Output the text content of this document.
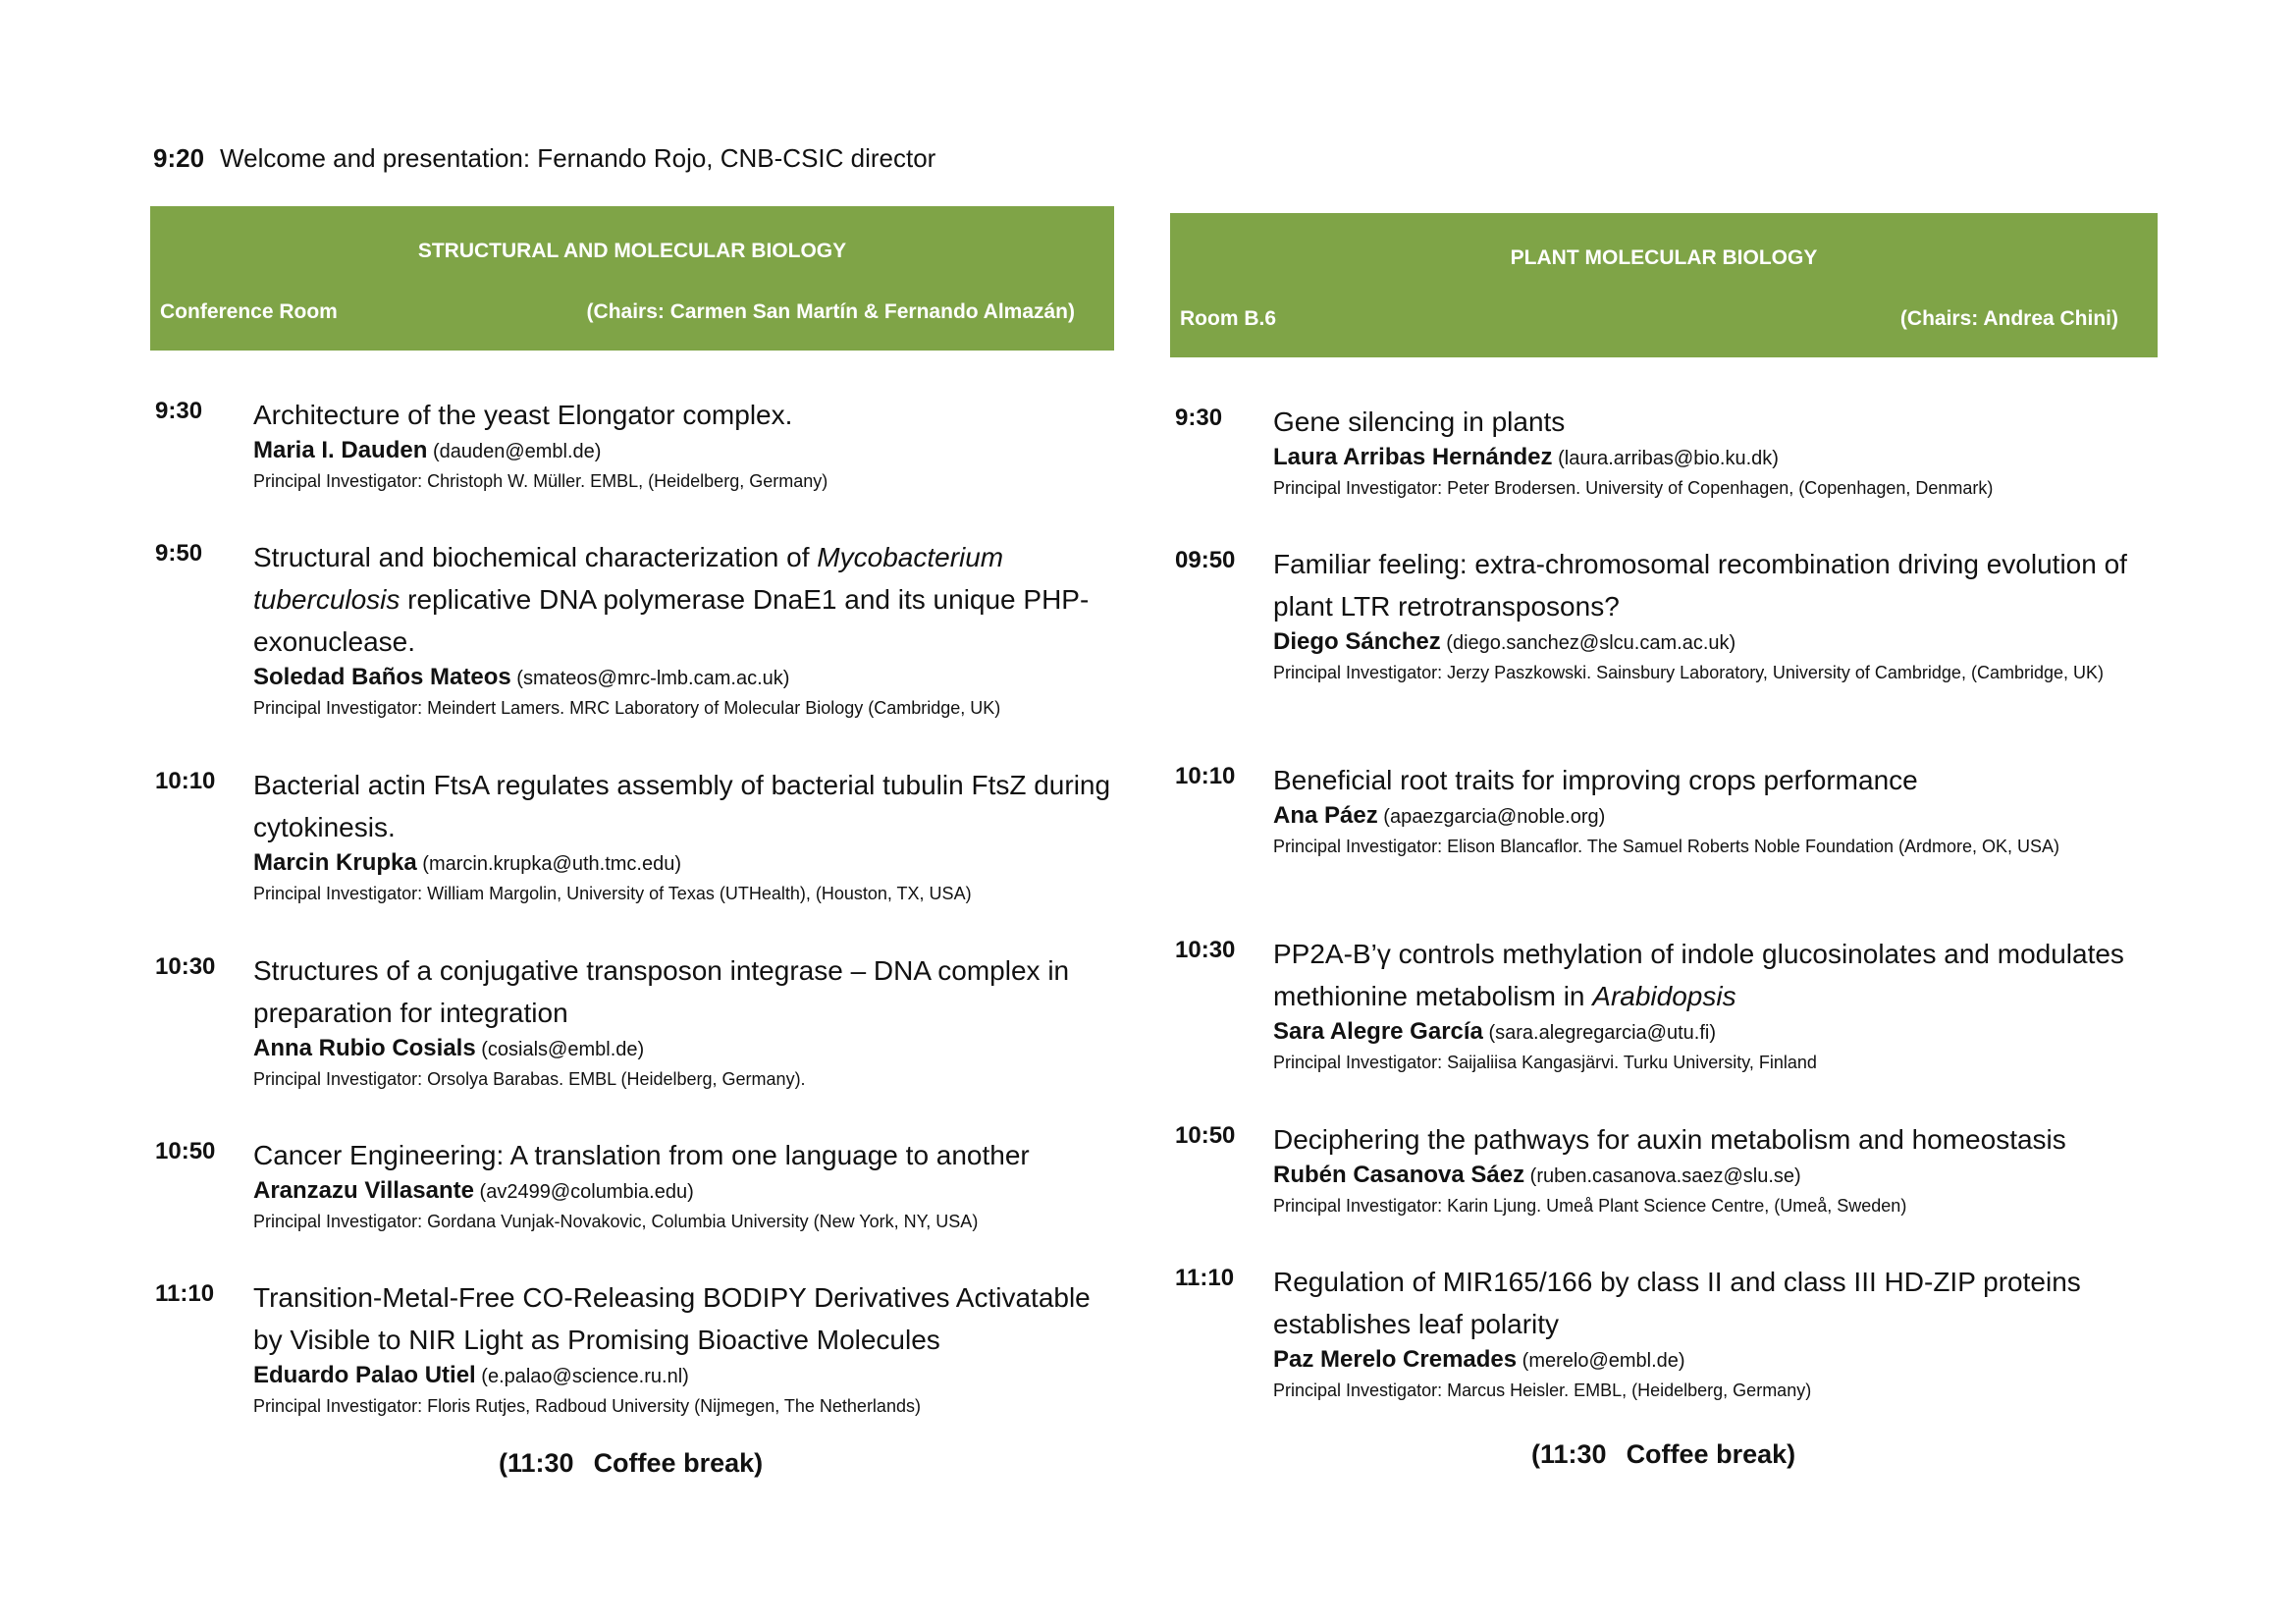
9:20 Welcome and presentation: Fernando Rojo, CNB-CSIC director
STRUCTURAL AND MOLECULAR BIOLOGY
Conference Room	(Chairs: Carmen San Martín & Fernando Almazán)
9:30 Architecture of the yeast Elongator complex.
Maria I. Dauden (dauden@embl.de)
Principal Investigator: Christoph W. Müller. EMBL, (Heidelberg, Germany)
9:50 Structural and biochemical characterization of Mycobacterium tuberculosis replicative DNA polymerase DnaE1 and its unique PHP-exonuclease.
Soledad Baños Mateos (smateos@mrc-lmb.cam.ac.uk)
Principal Investigator: Meindert Lamers. MRC Laboratory of Molecular Biology (Cambridge, UK)
10:10 Bacterial actin FtsA regulates assembly of bacterial tubulin FtsZ during cytokinesis.
Marcin Krupka (marcin.krupka@uth.tmc.edu)
Principal Investigator: William Margolin, University of Texas (UTHealth), (Houston, TX, USA)
10:30 Structures of a conjugative transposon integrase – DNA complex in preparation for integration
Anna Rubio Cosials (cosials@embl.de)
Principal Investigator: Orsolya Barabas. EMBL (Heidelberg, Germany).
10:50 Cancer Engineering: A translation from one language to another
Aranzazu Villasante (av2499@columbia.edu)
Principal Investigator: Gordana Vunjak-Novakovic, Columbia University (New York, NY, USA)
11:10 Transition-Metal-Free CO-Releasing BODIPY Derivatives Activatable by Visible to NIR Light as Promising Bioactive Molecules
Eduardo Palao Utiel (e.palao@science.ru.nl)
Principal Investigator: Floris Rutjes, Radboud University (Nijmegen, The Netherlands)
(11:30 Coffee break)
PLANT MOLECULAR BIOLOGY
Room B.6	(Chairs: Andrea Chini)
9:30 Gene silencing in plants
Laura Arribas Hernández (laura.arribas@bio.ku.dk)
Principal Investigator: Peter Brodersen. University of Copenhagen, (Copenhagen, Denmark)
09:50 Familiar feeling: extra-chromosomal recombination driving evolution of plant LTR retrotransposons?
Diego Sánchez (diego.sanchez@slcu.cam.ac.uk)
Principal Investigator: Jerzy Paszkowski. Sainsbury Laboratory, University of Cambridge, (Cambridge, UK)
10:10 Beneficial root traits for improving crops performance
Ana Páez (apaezgarcia@noble.org)
Principal Investigator: Elison Blancaflor. The Samuel Roberts Noble Foundation (Ardmore, OK, USA)
10:30 PP2A-B’γ controls methylation of indole glucosinolates and modulates methionine metabolism in Arabidopsis
Sara Alegre García (sara.alegregarcia@utu.fi)
Principal Investigator: Saijaliisa Kangasjärvi. Turku University, Finland
10:50 Deciphering the pathways for auxin metabolism and homeostasis
Rubén Casanova Sáez (ruben.casanova.saez@slu.se)
Principal Investigator: Karin Ljung. Umeå Plant Science Centre, (Umeå, Sweden)
11:10 Regulation of MIR165/166 by class II and class III HD-ZIP proteins establishes leaf polarity
Paz Merelo Cremades (merelo@embl.de)
Principal Investigator: Marcus Heisler. EMBL, (Heidelberg, Germany)
(11:30 Coffee break)
